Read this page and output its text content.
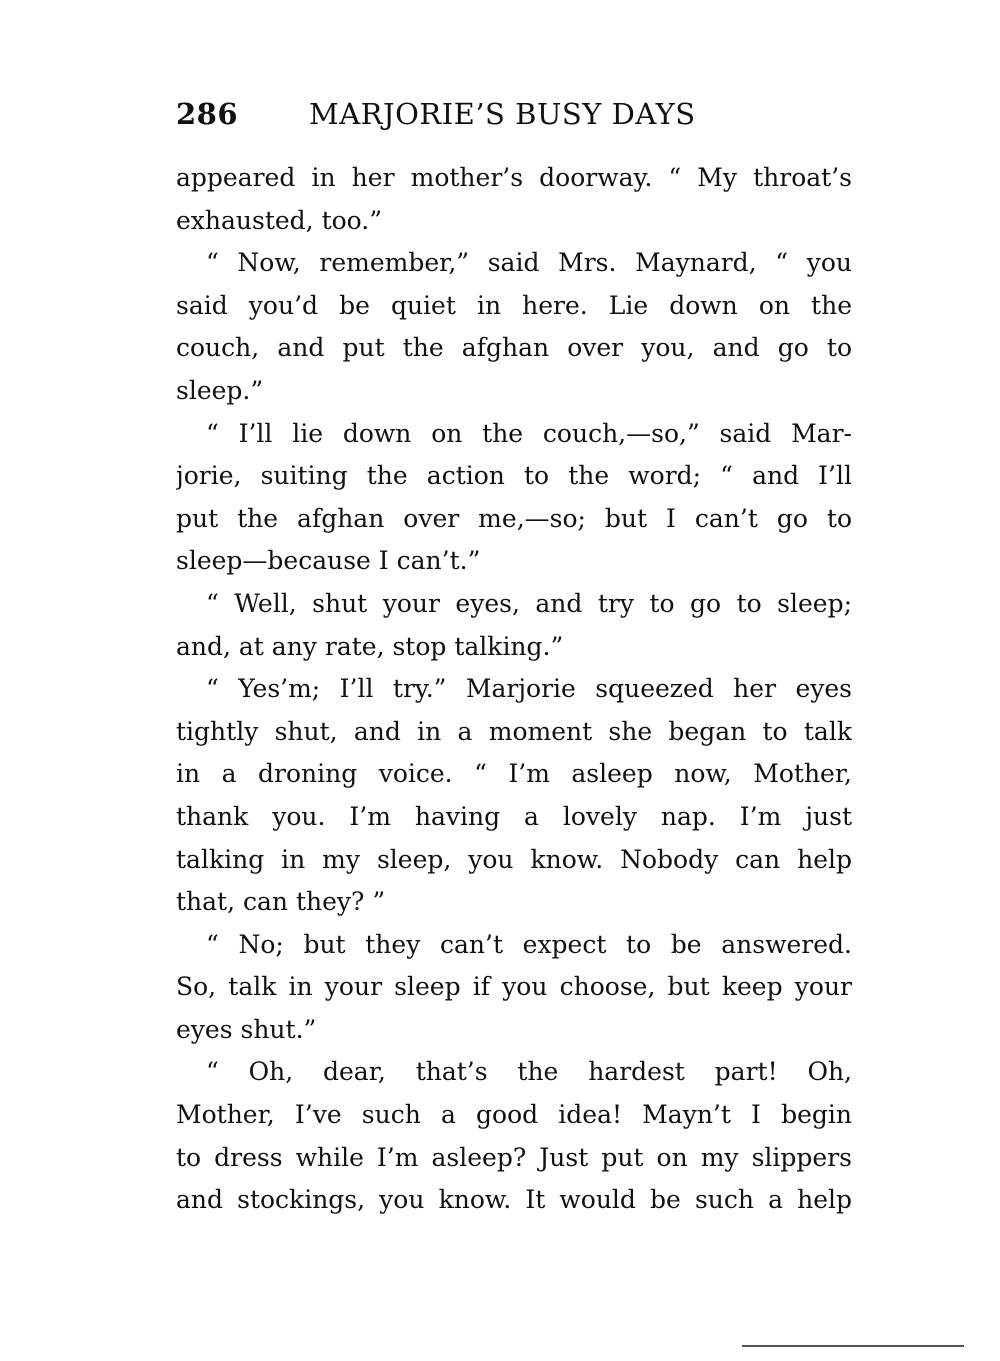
286 MARJORIE’S BUSY DAYS
appeared in her mother’s doorway. “ My throat’s
exhausted, too.”
“ Now, remember,” said Mrs. Maynard, “ you
said you’d be quiet in here. Lie down on the
couch, and put the afghan over you, and go to
sleep.”
“ I’ll lie down on the couch,—so,” said Mar-
jorie, suiting the action to the word; “ and I’ll
put the afghan over me,—so; but I can’t go to
sleep—because I can’t.”
“ Well, shut your eyes, and try to go to sleep;
and, at any rate, stop talking.”
“ Yes’m; I’ll try.” Marjorie squeezed her eyes
tightly shut, and in a moment she began to talk
in a droning voice. “ I’m asleep now, Mother,
thank you. I’m having a lovely nap. I’m just
talking in my sleep, you know. Nobody can help
that, can they? ”
“ No; but they can’t expect to be answered.
So, talk in your sleep if you choose, but keep your
eyes shut.”
“ Oh, dear, that’s the hardest part! Oh,
Mother, I’ve such a good idea! Mayn’t I begin
to dress while I’m asleep? Just put on my slippers
and stockings, you know. It would be such a help
